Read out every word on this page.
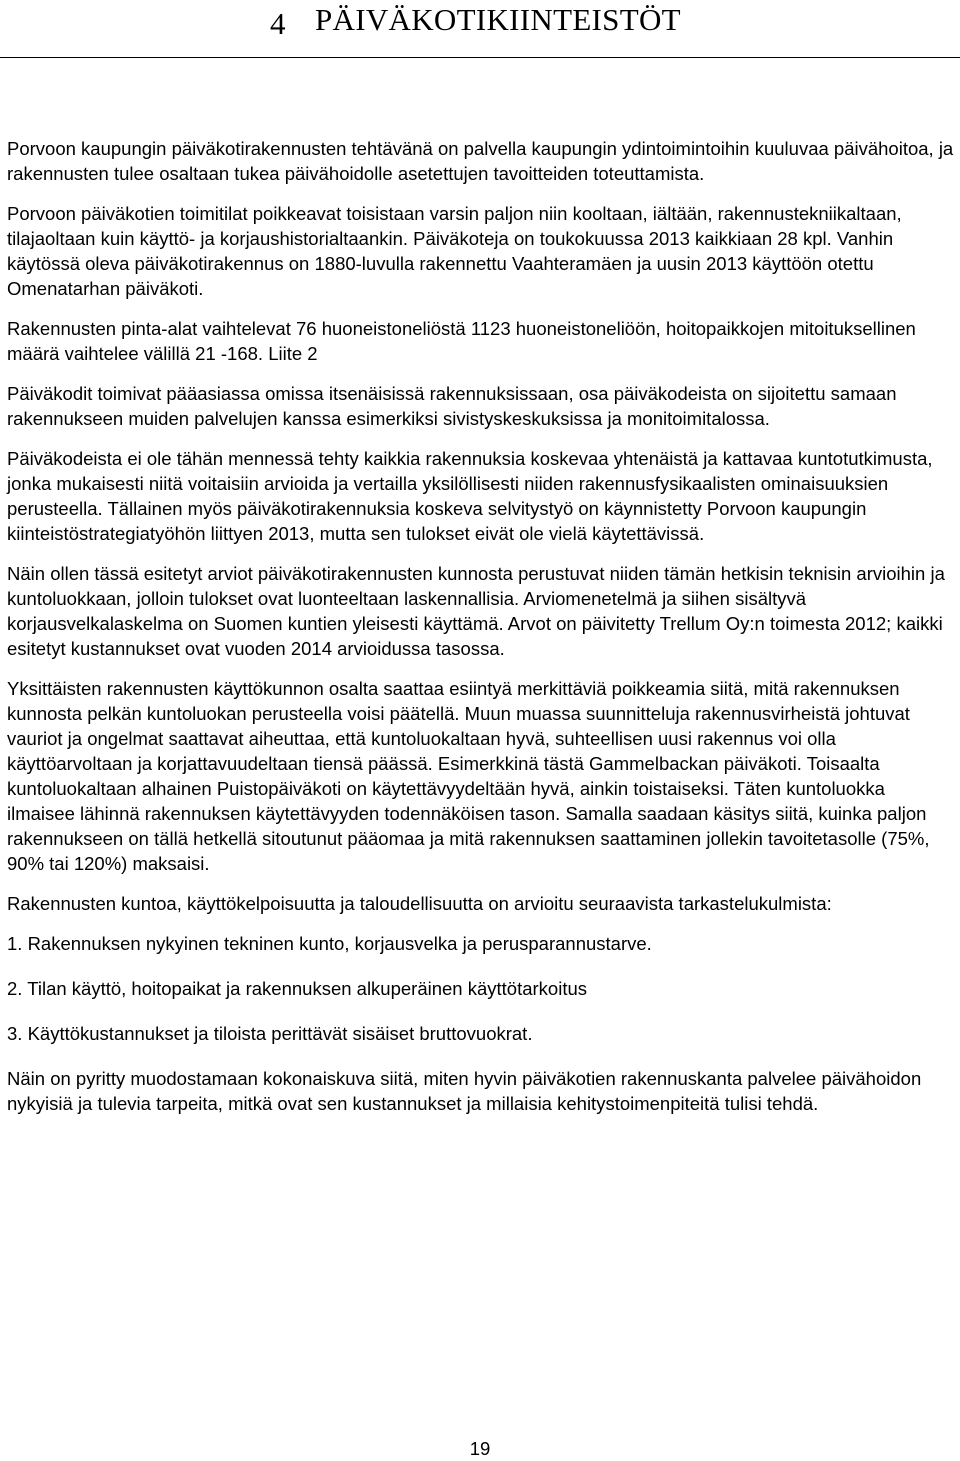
4 PÄIVÄKOTIKIINTEISTÖT

Porvoon kaupungin päiväkotirakennusten tehtävänä on palvella kaupungin ydintoimintoihin kuuluvaa päivähoitoa, ja rakennusten tulee osaltaan tukea päivähoidolle asetettujen tavoitteiden toteuttamista.

Porvoon päiväkotien toimitilat poikkeavat toisistaan varsin paljon niin kooltaan, iältään, rakennustekniikaltaan, tilajaoltaan kuin käyttö- ja korjaushistorialtaankin. Päiväkoteja on toukokuussa 2013 kaikkiaan 28 kpl. Vanhin käytössä oleva päiväkotirakennus on 1880-luvulla rakennettu Vaahteramäen ja uusin 2013 käyttöön otettu Omenatarhan päiväkoti.

Rakennusten pinta-alat vaihtelevat 76 huoneistoneliöstä 1123 huoneistoneliöön, hoitopaikkojen mitoituksellinen määrä vaihtelee välillä 21 -168. Liite 2

Päiväkodit toimivat pääasiassa omissa itsenäisissä rakennuksissaan, osa päiväkodeista on sijoitettu samaan rakennukseen muiden palvelujen kanssa esimerkiksi sivistyskeskuksissa ja monitoimitalossa.

Päiväkodeista ei ole tähän mennessä tehty kaikkia rakennuksia koskevaa yhtenäistä ja kattavaa kuntotutkimusta, jonka mukaisesti niitä voitaisiin arvioida ja vertailla yksilöllisesti niiden rakennusfysikaalisten ominaisuuksien perusteella. Tällainen myös päiväkotirakennuksia koskeva selvitystyö on käynnistetty Porvoon kaupungin kiinteistöstrategiatyöhön liittyen 2013, mutta sen tulokset eivät ole vielä käytettävissä.

Näin ollen tässä esitetyt arviot päiväkotirakennusten kunnosta perustuvat niiden tämän hetkisin teknisin arvioihin ja kuntoluokkaan, jolloin tulokset ovat luonteeltaan laskennallisia. Arviomenetelmä ja siihen sisältyvä korjausvelkalaskelma on Suomen kuntien yleisesti käyttämä. Arvot on päivitetty Trellum Oy:n toimesta 2012; kaikki esitetyt kustannukset ovat vuoden 2014 arvioidussa tasossa.

Yksittäisten rakennusten käyttökunnon osalta saattaa esiintyä merkittäviä poikkeamia siitä, mitä rakennuksen kunnosta pelkän kuntoluokan perusteella voisi päätellä. Muun muassa suunnitteluja rakennusvirheistä johtuvat vauriot ja ongelmat saattavat aiheuttaa, että kuntoluokaltaan hyvä, suhteellisen uusi rakennus voi olla käyttöarvoltaan ja korjattavuudeltaan tiensä päässä. Esimerkkinä tästä Gammelbackan päiväkoti. Toisaalta kuntoluokaltaan alhainen Puistopäiväkoti on käytettävyydeltään hyvä, ainkin toistaiseksi. Täten kuntoluokka ilmaisee lähinnä rakennuksen käytettävyyden todennäköisen tason. Samalla saadaan käsitys siitä, kuinka paljon rakennukseen on tällä hetkellä sitoutunut pääomaa ja mitä rakennuksen saattaminen jollekin tavoitetasolle (75%, 90% tai 120%) maksaisi.

Rakennusten kuntoa, käyttökelpoisuutta ja taloudellisuutta on arvioitu seuraavista tarkastelukulmista:

1. Rakennuksen nykyinen tekninen kunto, korjausvelka ja perusparannustarve.

2. Tilan käyttö, hoitopaikat ja rakennuksen alkuperäinen käyttötarkoitus

3. Käyttökustannukset ja tiloista perittävät sisäiset bruttovuokrat.

Näin on pyritty muodostamaan kokonaiskuva siitä, miten hyvin päiväkotien rakennuskanta palvelee päivähoidon nykyisiä ja tulevia tarpeita, mitkä ovat sen kustannukset ja millaisia kehitystoimenpiteitä tulisi tehdä.

19
